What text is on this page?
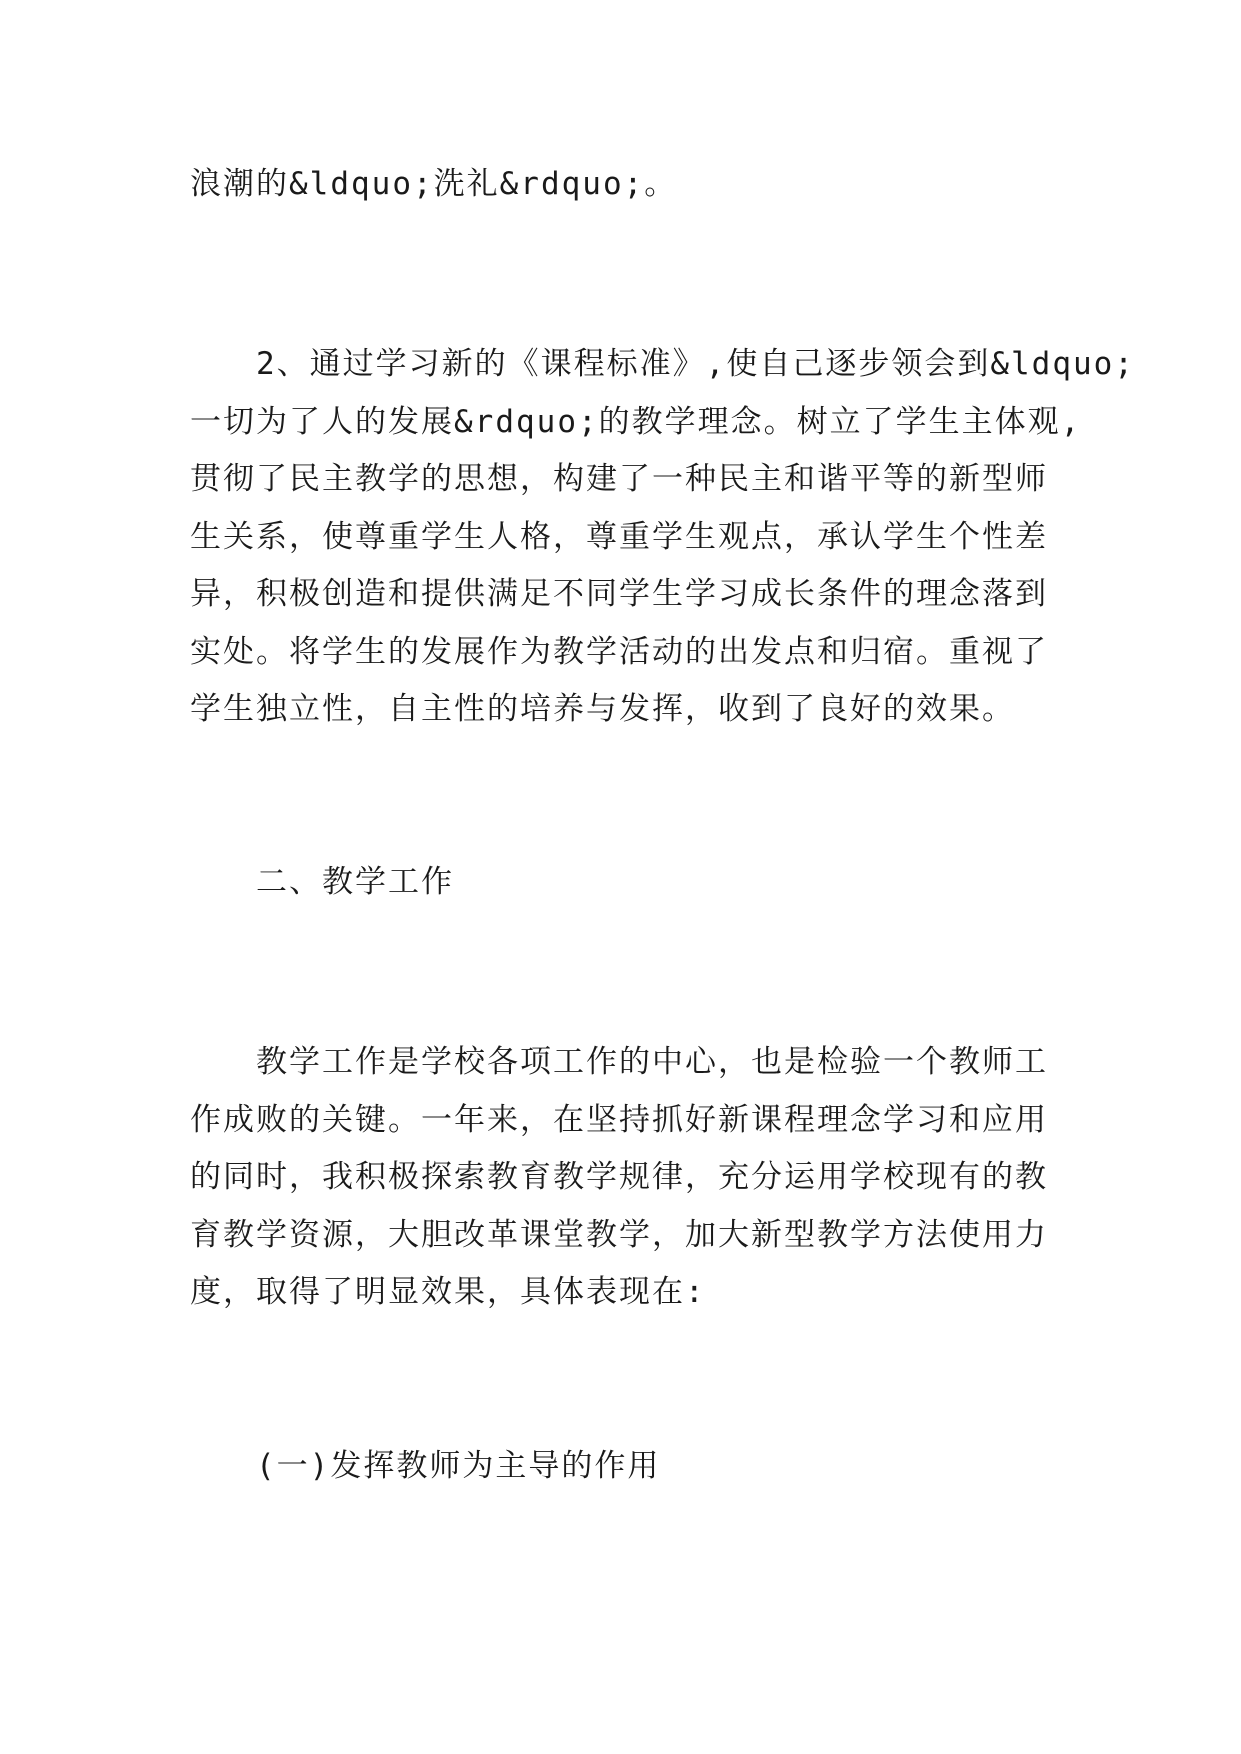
浪潮的&ldquo;洗礼&rdquo;。
2、通过学习新的《课程标准》,使自己逐步领会到&ldquo;
一切为了人的发展&rdquo;的教学理念。树立了学生主体观,
贯彻了民主教学的思想，构建了一种民主和谐平等的新型师
生关系，使尊重学生人格，尊重学生观点，承认学生个性差
异，积极创造和提供满足不同学生学习成长条件的理念落到
实处。将学生的发展作为教学活动的出发点和归宿。重视了
学生独立性，自主性的培养与发挥，收到了良好的效果。
二、教学工作
教学工作是学校各项工作的中心，也是检验一个教师工
作成败的关键。一年来，在坚持抓好新课程理念学习和应用
的同时，我积极探索教育教学规律，充分运用学校现有的教
育教学资源，大胆改革课堂教学，加大新型教学方法使用力
度，取得了明显效果，具体表现在:
(一)发挥教师为主导的作用
